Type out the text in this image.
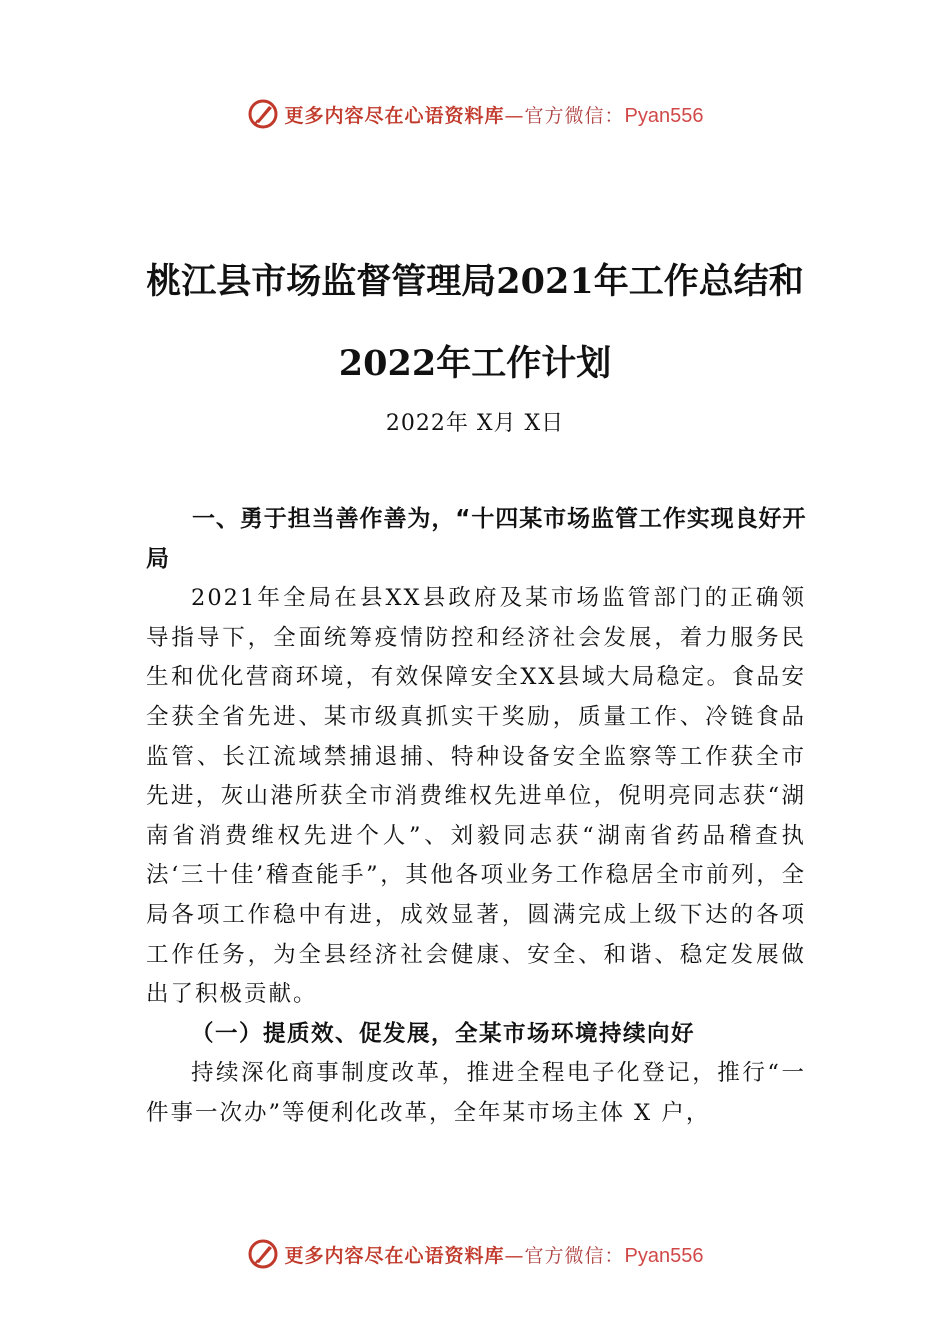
更多内容尽在心语资料库—官方微信：Pyan556
桃江县市场监督管理局2021年工作总结和
2022年工作计划
2022年 X月 X日

一、勇于担当善作善为，“十四某市场监管工作实现良好开局

2021年全局在县XX县政府及某市场监管部门的正确领导指导下，全面统筹疫情防控和经济社会发展，着力服务民生和优化营商环境，有效保障安全XX县域大局稳定。食品安全获全省先进、某市级真抓实干奖励，质量工作、冷链食品监管、长江流域禁捕退捕、特种设备安全监察等工作获全市先进，灰山港所获全市消费维权先进单位，倪明亮同志获“湖南省消费维权先进个人”、刘毅同志获“湖南省药品稽查执法‘三十佳’稽查能手”，其他各项业务工作稳居全市前列，全局各项工作稳中有进，成效显著，圆满完成上级下达的各项工作任务，为全县经济社会健康、安全、和谐、稳定发展做出了积极贡献。

（一）提质效、促发展，全某市场环境持续向好

持续深化商事制度改革，推进全程电子化登记，推行“一件事一次办”等便利化改革，全年某市场主体 X 户，

更多内容尽在心语资料库—官方微信：Pyan556
